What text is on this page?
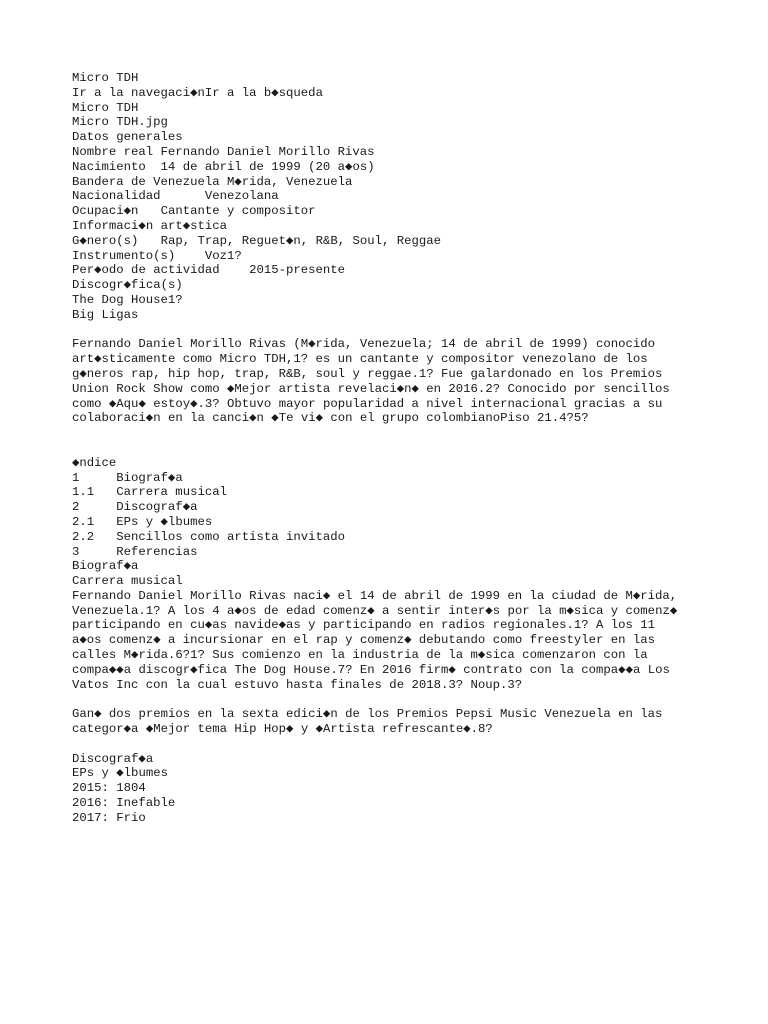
Micro TDH
Ir a la navegaci◆nIr a la b◆squeda
Micro TDH
Micro TDH.jpg
Datos generales
Nombre real Fernando Daniel Morillo Rivas
Nacimiento  14 de abril de 1999 (20 a◆os)
Bandera de Venezuela M◆rida, Venezuela
Nacionalidad      Venezolana
Ocupaci◆n   Cantante y compositor
Informaci◆n art◆stica
G◆nero(s)   Rap, Trap, Reguet◆n, R&B, Soul, Reggae
Instrumento(s)    Voz1?
Per◆odo de actividad    2015-presente
Discogr◆fica(s)
The Dog House1?
Big Ligas
Fernando Daniel Morillo Rivas (M◆rida, Venezuela; 14 de abril de 1999) conocido
art◆sticamente como Micro TDH,1? es un cantante y compositor venezolano de los
g◆neros rap, hip hop, trap, R&B, soul y reggae.1? Fue galardonado en los Premios
Union Rock Show como ◆Mejor artista revelaci◆n◆ en 2016.2? Conocido por sencillos
como ◆Aqu◆ estoy◆.3? Obtuvo mayor popularidad a nivel internacional gracias a su
colaboraci◆n en la canci◆n ◆Te vi◆ con el grupo colombianoPiso 21.4?5?
◆ndice
1     Biograf◆a
1.1   Carrera musical
2     Discograf◆a
2.1   EPs y ◆lbumes
2.2   Sencillos como artista invitado
3     Referencias
Biograf◆a
Carrera musical
Fernando Daniel Morillo Rivas naci◆ el 14 de abril de 1999 en la ciudad de M◆rida,
Venezuela.1? A los 4 a◆os de edad comenz◆ a sentir inter◆s por la m◆sica y comenz◆
participando en cu◆as navide◆as y participando en radios regionales.1? A los 11
a◆os comenz◆ a incursionar en el rap y comenz◆ debutando como freestyler en las
calles M◆rida.6?1? Sus comienzo en la industria de la m◆sica comenzaron con la
compa◆◆a discogr◆fica The Dog House.7? En 2016 firm◆ contrato con la compa◆◆a Los
Vatos Inc con la cual estuvo hasta finales de 2018.3? Noup.3?
Gan◆ dos premios en la sexta edici◆n de los Premios Pepsi Music Venezuela en las
categor◆a ◆Mejor tema Hip Hop◆ y ◆Artista refrescante◆.8?
Discograf◆a
EPs y ◆lbumes
2015: 1804
2016: Inefable
2017: Frio
